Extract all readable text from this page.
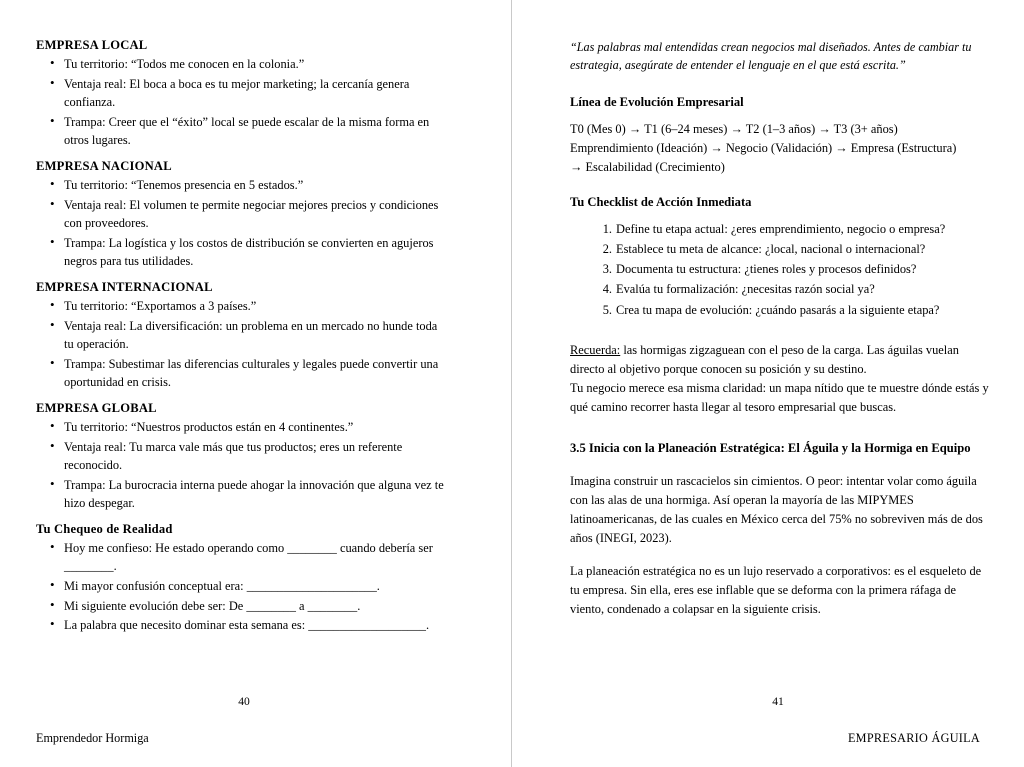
EMPRESA LOCAL
• Tu territorio: “Todos me conocen en la colonia.”
• Ventaja real: El boca a boca es tu mejor marketing; la cercanía genera confianza.
• Trampa: Creer que el “éxito” local se puede escalar de la misma forma en otros lugares.
EMPRESA NACIONAL
• Tu territorio: “Tenemos presencia en 5 estados.”
• Ventaja real: El volumen te permite negociar mejores precios y condiciones con proveedores.
• Trampa: La logística y los costos de distribución se convierten en agujeros negros para tus utilidades.
EMPRESA INTERNACIONAL
• Tu territorio: “Exportamos a 3 países.”
• Ventaja real: La diversificación: un problema en un mercado no hunde toda tu operación.
• Trampa: Subestimar las diferencias culturales y legales puede convertir una oportunidad en crisis.
EMPRESA GLOBAL
• Tu territorio: “Nuestros productos están en 4 continentes.”
• Ventaja real: Tu marca vale más que tus productos; eres un referente reconocido.
• Trampa: La burocracia interna puede ahogar la innovación que alguna vez te hizo despegar.
Tu Chequeo de Realidad
• Hoy me confieso: He estado operando como ________ cuando debería ser ________.
• Mi mayor confusión conceptual era: _____________________.
• Mi siguiente evolución debe ser: De ________ a ________.
• La palabra que necesito dominar esta semana es: ___________________.
40
Emprendedor Hormiga

“Las palabras mal entendidas crean negocios mal diseñados. Antes de cambiar tu estrategia, asegúrate de entender el lenguaje en el que está escrita.”

Línea de Evolución Empresarial
T0 (Mes 0) → T1 (6–24 meses) → T2 (1–3 años) → T3 (3+ años)
Emprendimiento (Ideación) → Negocio (Validación) → Empresa (Estructura)
→ Escalabilidad (Crecimiento)
Tu Checklist de Acción Inmediata
Define tu etapa actual: ¿eres emprendimiento, negocio o empresa?
Establece tu meta de alcance: ¿local, nacional o internacional?
Documenta tu estructura: ¿tienes roles y procesos definidos?
Evalúa tu formalización: ¿necesitas razón social ya?
Crea tu mapa de evolución: ¿cuándo pasarás a la siguiente etapa?

Recuerda: las hormigas zigzaguean con el peso de la carga. Las águilas vuelan directo al objetivo porque conocen su posición y su destino.

Tu negocio merece esa misma claridad: un mapa nítido que te muestre dónde estás y qué camino recorrer hasta llegar al tesoro empresarial que buscas.

3.5 Inicia con la Planeación Estratégica: El Águila y la Hormiga en Equipo

Imagina construir un rascacielos sin cimientos. O peor: intentar volar como águila con las alas de una hormiga. Así operan la mayoría de las MIPYMES latinoamericanas, de las cuales en México cerca del 75% no sobreviven más de dos años (INEGI, 2023).

La planeación estratégica no es un lujo reservado a corporativos: es el esqueleto de tu empresa. Sin ella, eres ese inflable que se deforma con la primera ráfaga de viento, condenado a colapsar en la siguiente crisis.

41
EMPRESARIO ÁGUILA
